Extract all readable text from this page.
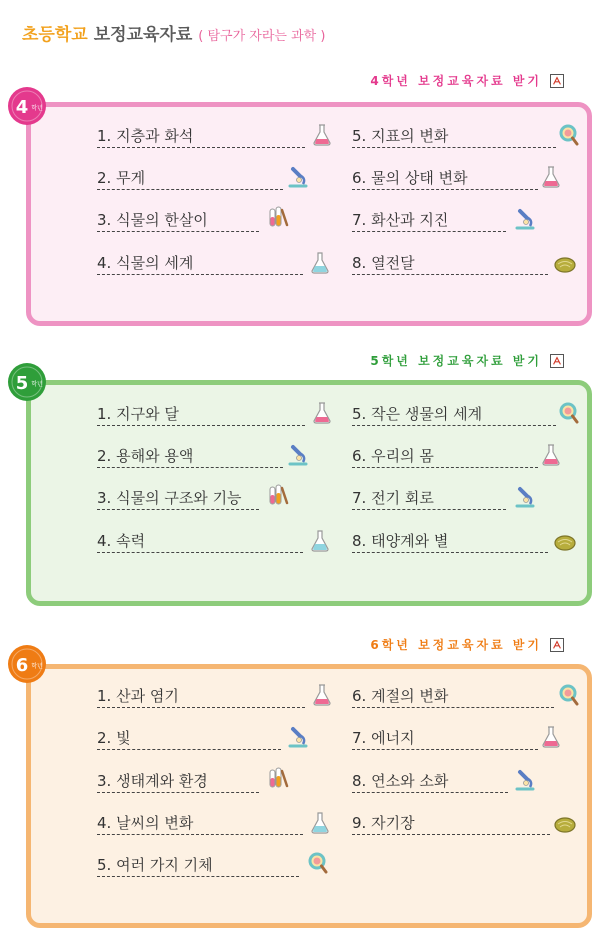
초등학교 보정교육자료 ( 탐구가 자라는 과학 )
4학년 보정교육자료 받기
1. 지층과 화석
2. 무게
3. 식물의 한살이
4. 식물의 세계
5. 지표의 변화
6. 물의 상태 변화
7. 화산과 지진
8. 열전달
4 학년
5학년 보정교육자료 받기
1. 지구와 달
2. 용해와 용액
3. 식물의 구조와 기능
4. 속력
5. 작은 생물의 세계
6. 우리의 몸
7. 전기 회로
8. 태양계와 별
5 학년
6학년 보정교육자료 받기
1. 산과 염기
2. 빛
3. 생태계와 환경
4. 날씨의 변화
5. 여러 가지 기체
6. 계절의 변화
7. 에너지
8. 연소와 소화
9. 자기장
6 학년
